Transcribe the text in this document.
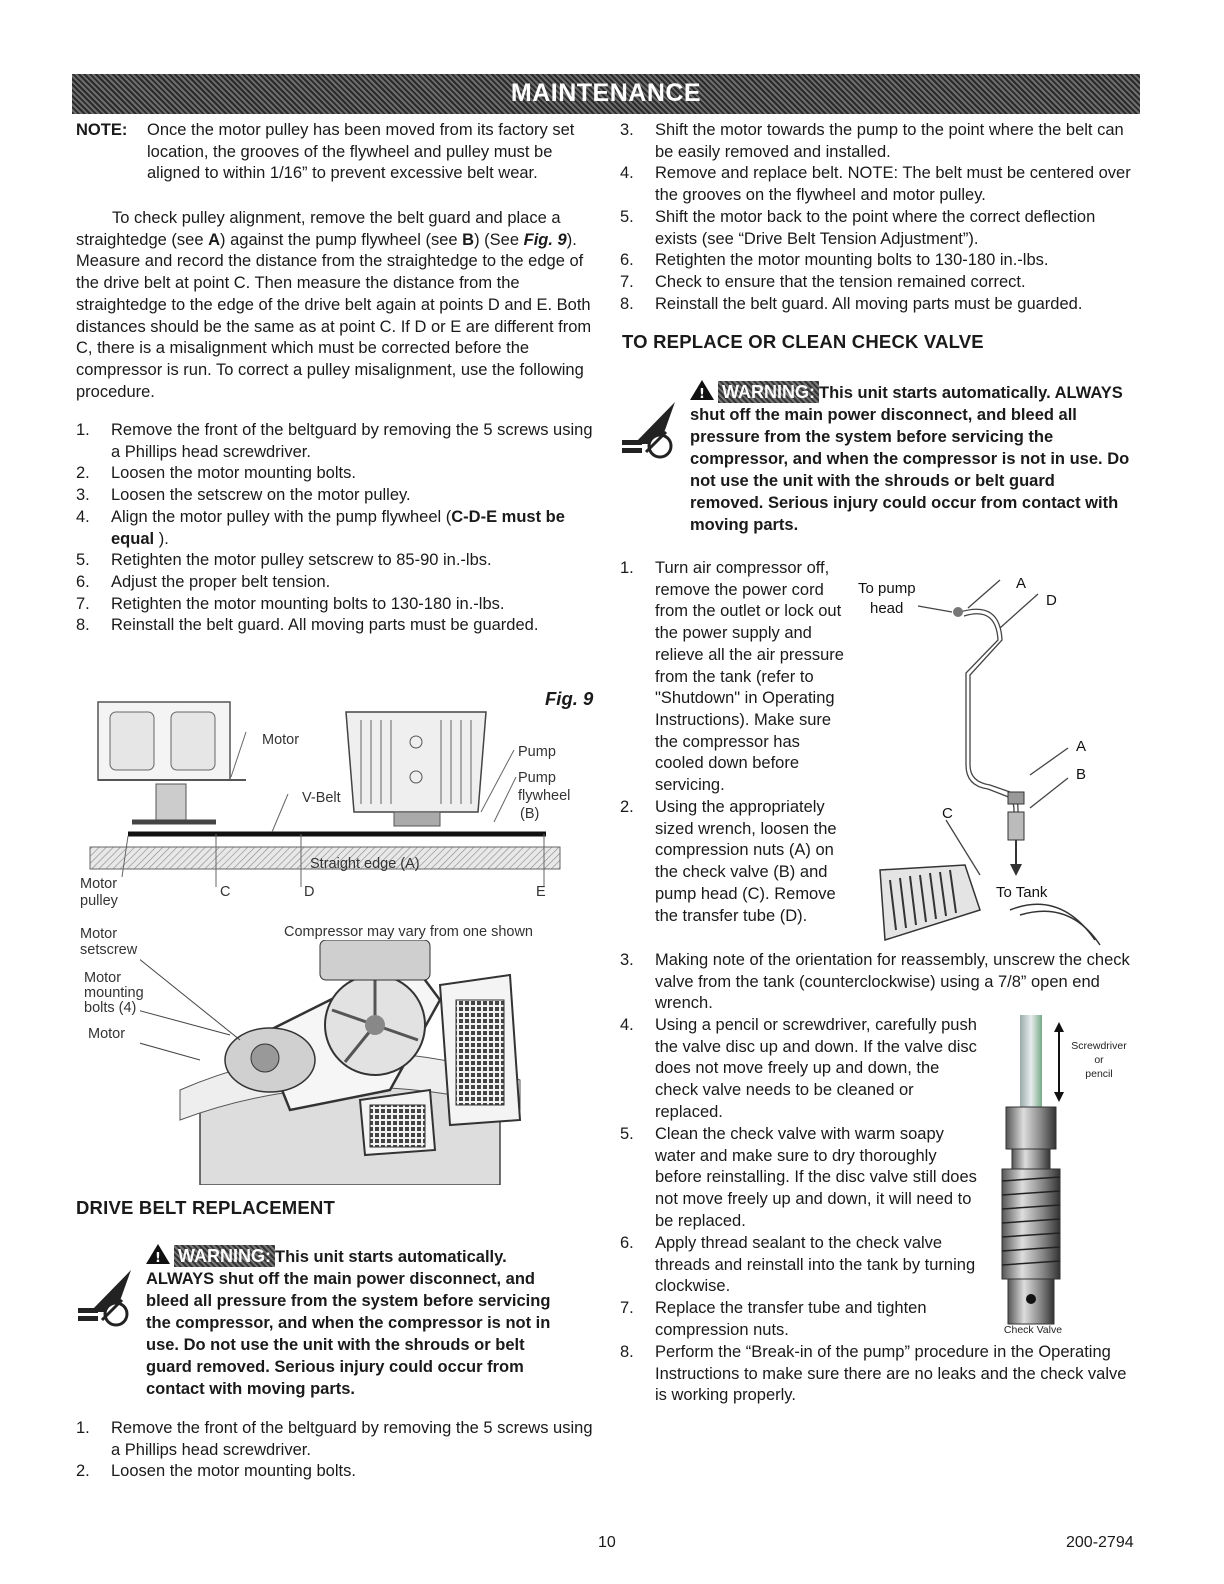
MAINTENANCE
NOTE: Once the motor pulley has been moved from its factory set location, the grooves of the flywheel and pulley must be aligned to within 1/16” to prevent excessive belt wear.
To check pulley alignment, remove the belt guard and place a straightedge (see A) against the pump flywheel (see B) (See Fig. 9). Measure and record the distance from the straightedge to the edge of the drive belt at point C. Then measure the distance from the straightedge to the edge of the drive belt again at points D and E. Both distances should be the same as at point C. If D or E are different from C, there is a misalignment which must be corrected before the compressor is run. To correct a pulley misalignment, use the following procedure.
1. Remove the front of the beltguard by removing the 5 screws using a Phillips head screwdriver.
2. Loosen the motor mounting bolts.
3. Loosen the setscrew on the motor pulley.
4. Align the motor pulley with the pump flywheel (C-D-E must be equal ).
5. Retighten the motor pulley setscrew to 85-90 in.-lbs.
6. Adjust the proper belt tension.
7. Retighten the motor mounting bolts to 130-180 in.-lbs.
8. Reinstall the belt guard. All moving parts must be guarded.
Fig. 9
Motor
V-Belt
Pump
Pump
flywheel
(B)
Straight edge (A)
Motor
pulley
C	D	E
Compressor may vary from one shown
Motor
setscrew
Motor
mounting
bolts (4)
Motor
DRIVE BELT REPLACEMENT
! WARNING: This unit starts automatically. ALWAYS shut off the main power disconnect, and bleed all pressure from the system before servicing the compressor, and when the compressor is not in use. Do not use the unit with the shrouds or belt guard removed. Serious injury could occur from contact with moving parts.
1. Remove the front of the beltguard by removing the 5 screws using a Phillips head screwdriver.
2. Loosen the motor mounting bolts.
3. Shift the motor towards the pump to the point where the belt can be easily removed and installed.
4. Remove and replace belt. NOTE: The belt must be centered over the grooves on the flywheel and motor pulley.
5. Shift the motor back to the point where the correct deflection exists (see “Drive Belt Tension Adjustment”).
6. Retighten the motor mounting bolts to 130-180 in.-lbs.
7. Check to ensure that the tension remained correct.
8. Reinstall the belt guard. All moving parts must be guarded.
TO REPLACE OR CLEAN CHECK VALVE
! WARNING: This unit starts automatically. ALWAYS shut off the main power disconnect, and bleed all pressure from the system before servicing the compressor, and when the compressor is not in use. Do not use the unit with the shrouds or belt guard removed. Serious injury could occur from contact with moving parts.
1. Turn air compressor off, remove the power cord from the outlet or lock out the power supply and relieve all the air pressure from the tank (refer to "Shutdown" in Operating Instructions). Make sure the compressor has cooled down before servicing.
2. Using the appropriately sized wrench, loosen the compression nuts (A) on the check valve (B) and pump head (C). Remove the transfer tube (D).
To pump
head
A
D
A
B
C
To Tank
3. Making note of the orientation for reassembly, unscrew the check valve from the tank (counterclockwise) using a 7/8” open end wrench.
4. Using a pencil or screwdriver, carefully push the valve disc up and down. If the valve disc does not move freely up and down, the check valve needs to be cleaned or replaced.
5. Clean the check valve with warm soapy water and make sure to dry thoroughly before reinstalling. If the disc valve still does not move freely up and down, it will need to be replaced.
6. Apply thread sealant to the check valve threads and reinstall into the tank by turning clockwise.
7. Replace the transfer tube and tighten compression nuts.
8. Perform the “Break-in of the pump” procedure in the Operating Instructions to make sure there are no leaks and the check valve is working properly.
Screwdriver
or
pencil
Check Valve
10	200-2794
